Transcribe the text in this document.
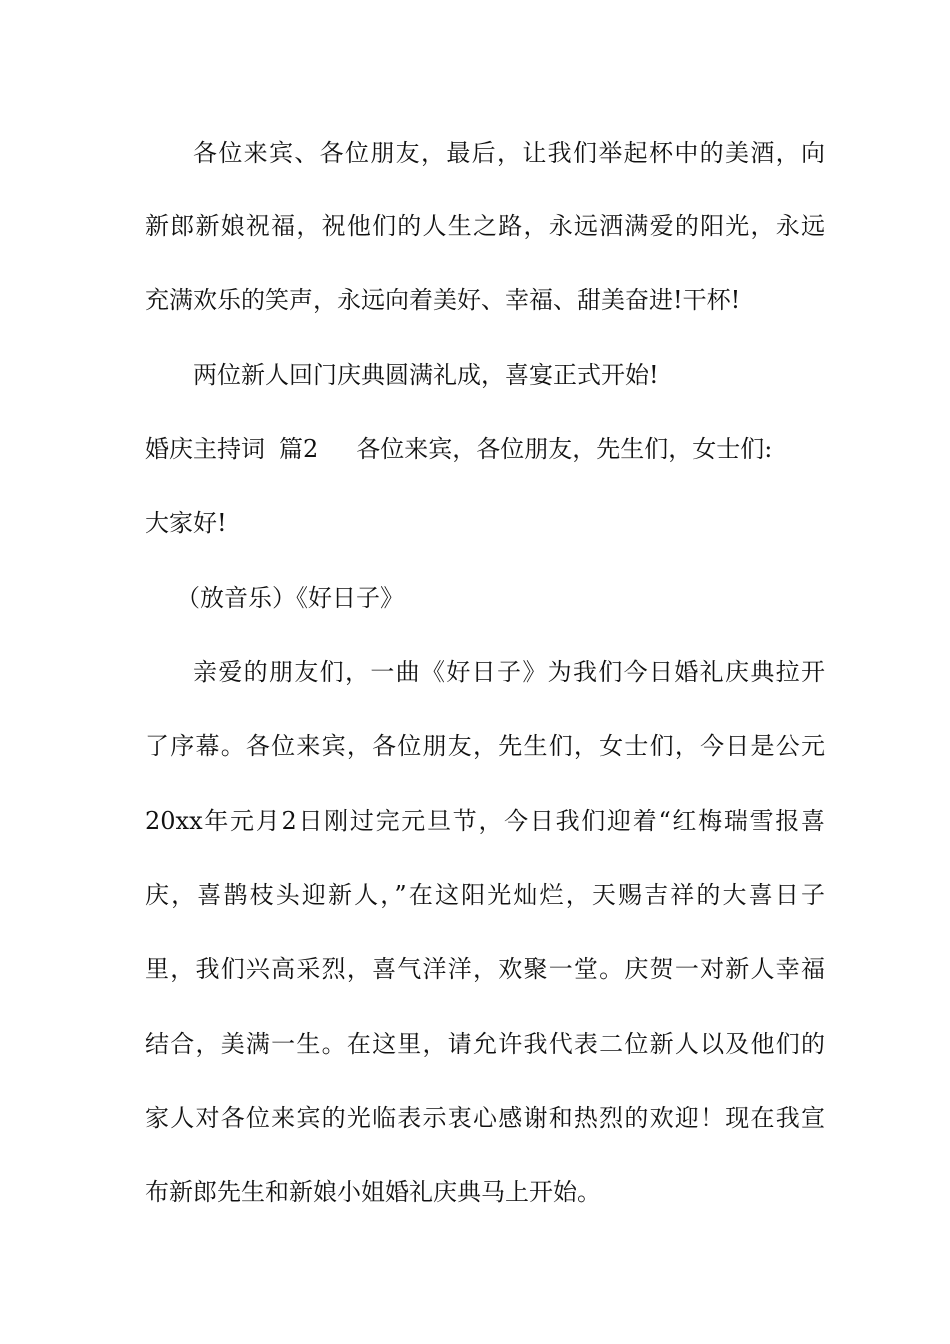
各位来宾、各位朋友，最后，让我们举起杯中的美酒，向
新郎新娘祝福，祝他们的人生之路，永远洒满爱的阳光，永远
充满欢乐的笑声，永远向着美好、幸福、甜美奋进!干杯!
两位新人回门庆典圆满礼成，喜宴正式开始!
婚庆主持词 篇2 各位来宾，各位朋友，先生们，女士们:
大家好!
（放音乐）《好日子》
亲爱的朋友们，一曲《好日子》为我们今日婚礼庆典拉开
了序幕。各位来宾，各位朋友，先生们，女士们，今日是公元
20xx年元月2日刚过完元旦节，今日我们迎着“红梅瑞雪报喜
庆，喜鹊枝头迎新人，”在这阳光灿烂，天赐吉祥的大喜日子
里，我们兴高采烈，喜气洋洋，欢聚一堂。庆贺一对新人幸福
结合，美满一生。在这里，请允许我代表二位新人以及他们的
家人对各位来宾的光临表示衷心感谢和热烈的欢迎！现在我宣
布新郎先生和新娘小姐婚礼庆典马上开始。
